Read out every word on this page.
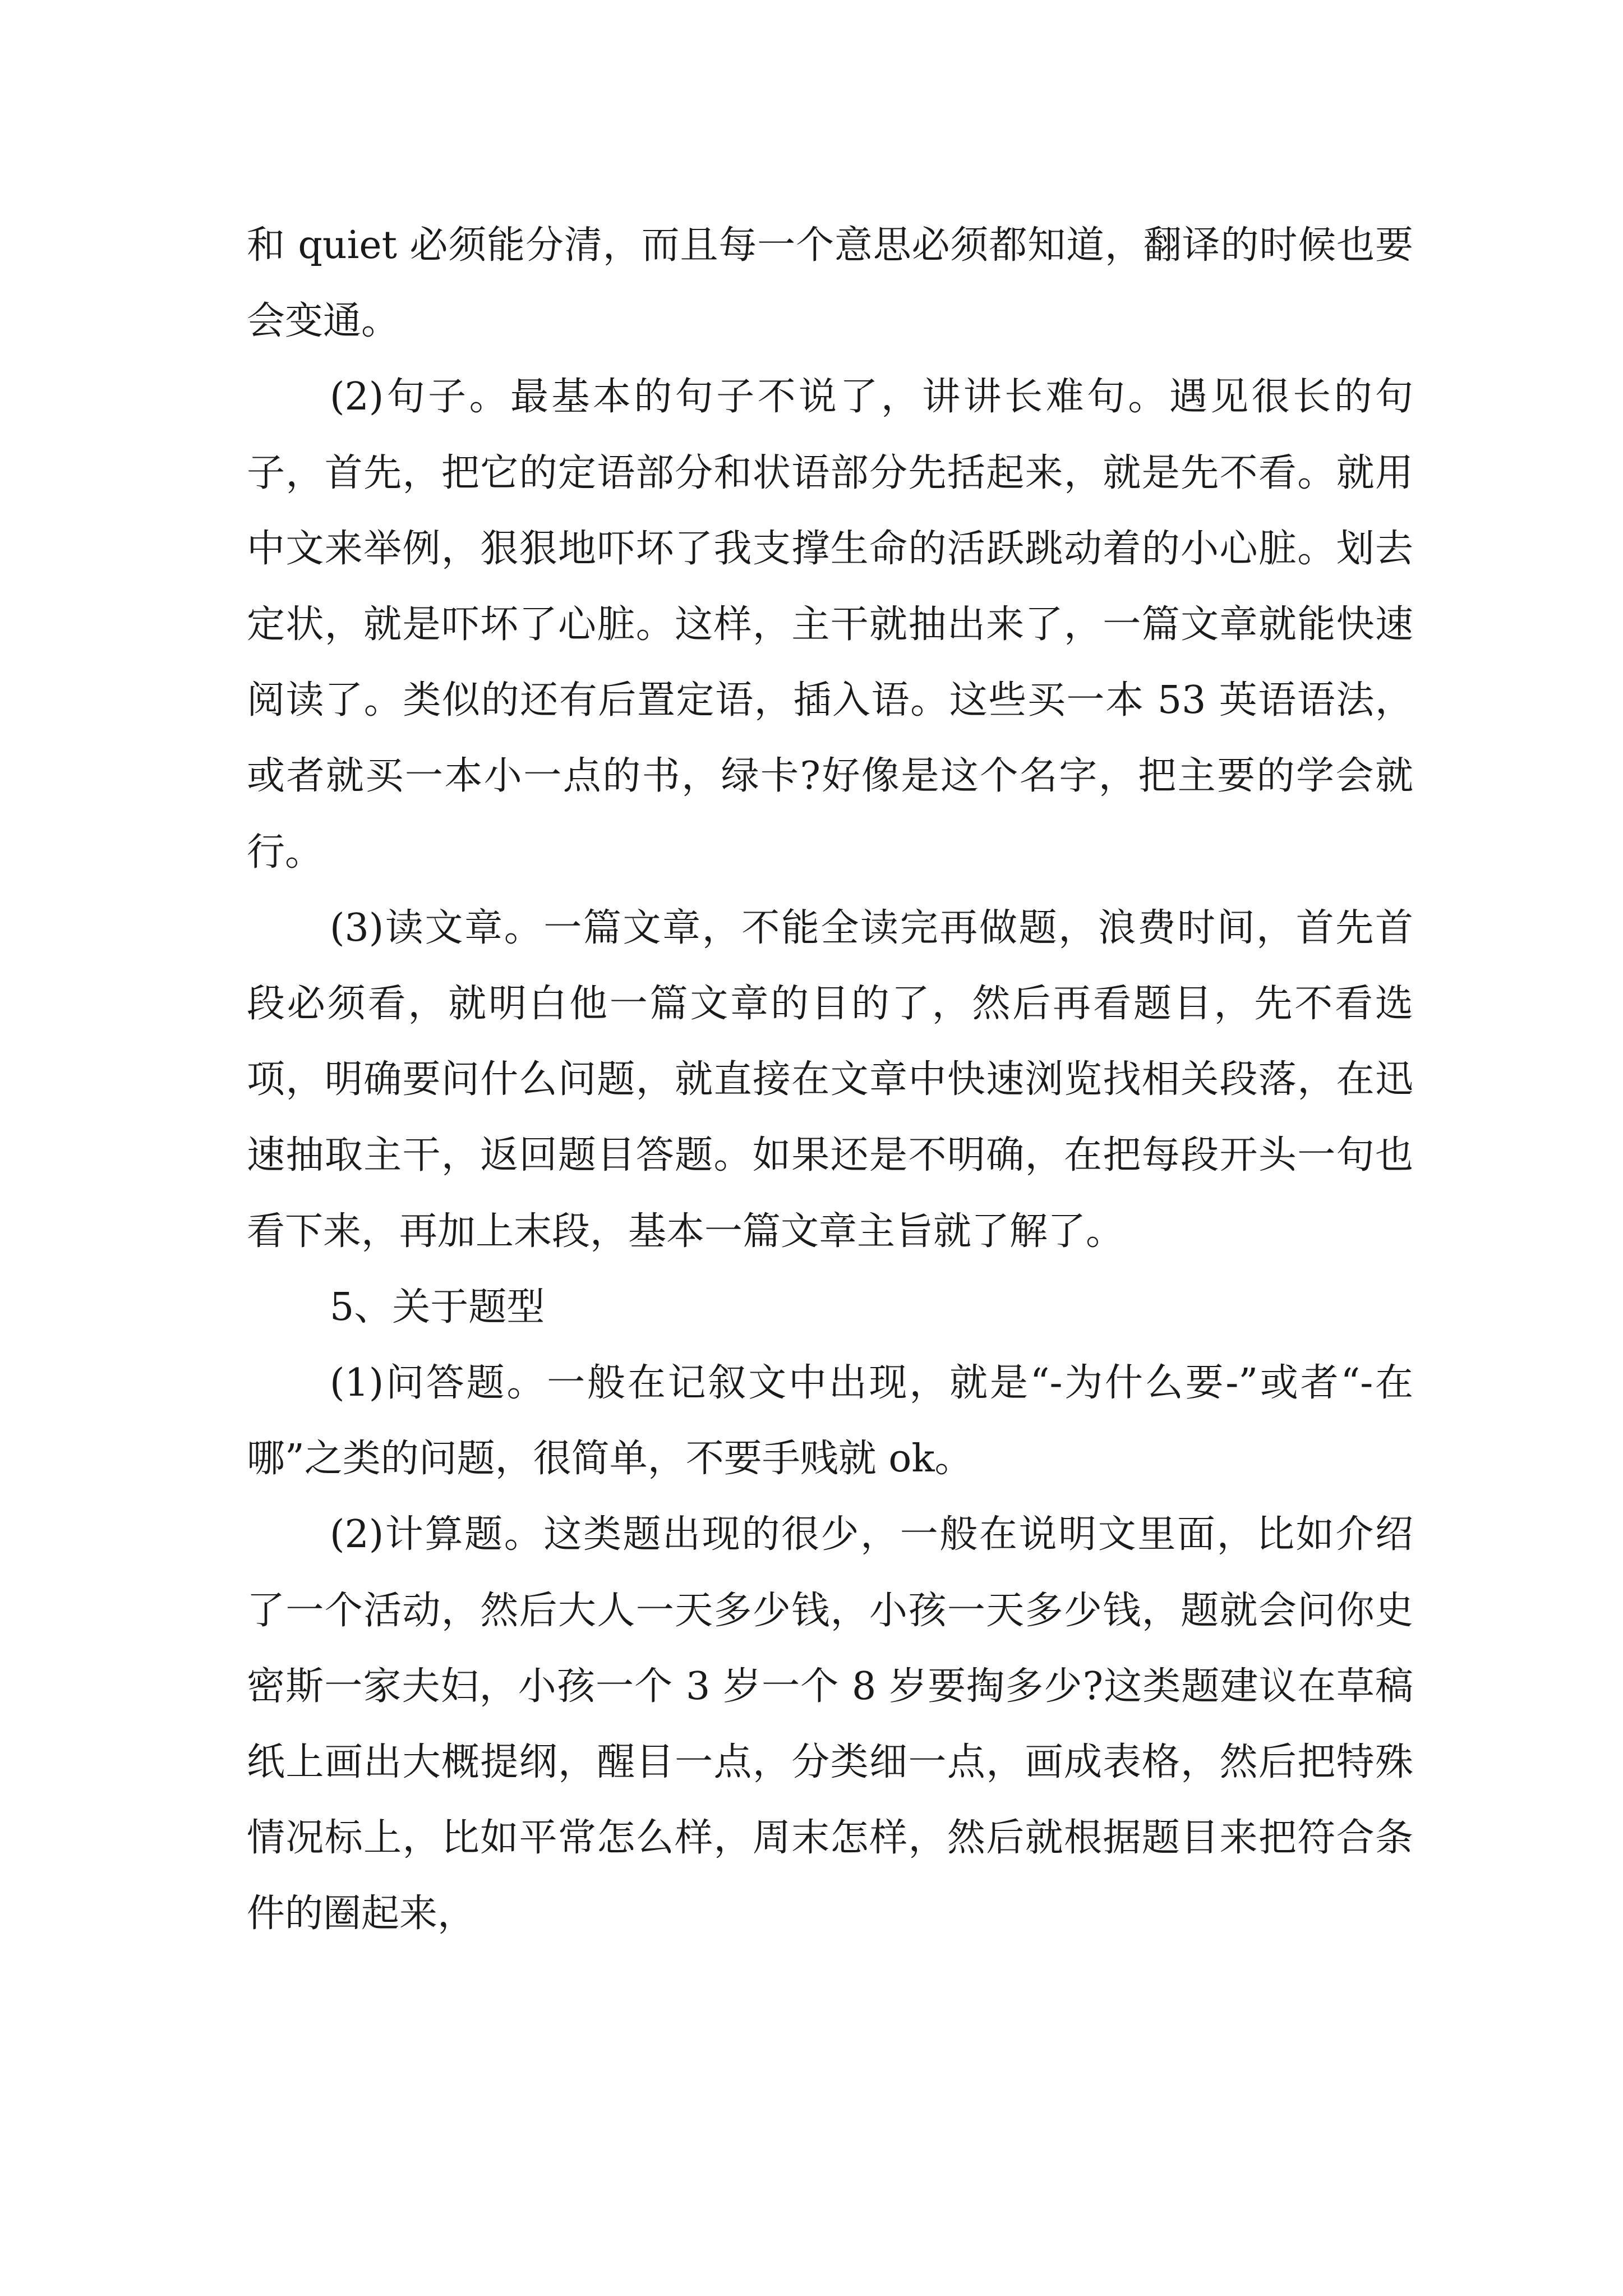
和 quiet 必须能分清，而且每一个意思必须都知道，翻译的时候也要会变通。

(2)句子。最基本的句子不说了，讲讲长难句。遇见很长的句子，首先，把它的定语部分和状语部分先括起来，就是先不看。就用中文来举例，狠狠地吓坏了我支撑生命的活跃跳动着的小心脏。划去定状，就是吓坏了心脏。这样，主干就抽出来了，一篇文章就能快速阅读了。类似的还有后置定语，插入语。这些买一本 53 英语语法，或者就买一本小一点的书，绿卡?好像是这个名字，把主要的学会就行。

(3)读文章。一篇文章，不能全读完再做题，浪费时间，首先首段必须看，就明白他一篇文章的目的了，然后再看题目，先不看选项，明确要问什么问题，就直接在文章中快速浏览找相关段落，在迅速抽取主干，返回题目答题。如果还是不明确，在把每段开头一句也看下来，再加上末段，基本一篇文章主旨就了解了。

5、关于题型

(1)问答题。一般在记叙文中出现，就是“-为什么要-”或者“-在哪”之类的问题，很简单，不要手贱就 ok。

(2)计算题。这类题出现的很少，一般在说明文里面，比如介绍了一个活动，然后大人一天多少钱，小孩一天多少钱，题就会问你史密斯一家夫妇，小孩一个 3 岁一个 8 岁要掏多少?这类题建议在草稿纸上画出大概提纲，醒目一点，分类细一点，画成表格，然后把特殊情况标上，比如平常怎么样，周末怎样，然后就根据题目来把符合条件的圈起来，
